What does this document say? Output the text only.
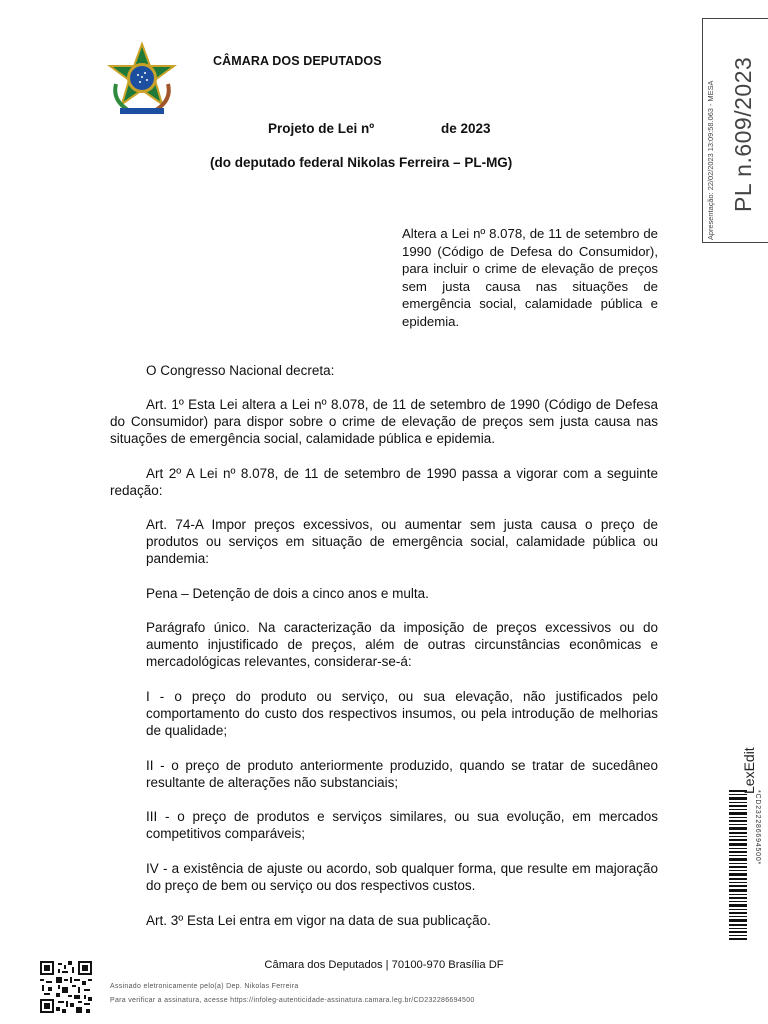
CÂMARA DOS DEPUTADOS
Projeto de Lei nº	de 2023
(do deputado federal Nikolas Ferreira – PL-MG)
Altera a Lei nº 8.078, de 11 de setembro de 1990 (Código de Defesa do Consumidor), para incluir o crime de elevação de preços sem justa causa nas situações de emergência social, calamidade pública e epidemia.
Apresentação: 22/02/2023 13:09:58.063 - MESA PL n.609/2023
O Congresso Nacional decreta:
Art. 1º Esta Lei altera a Lei nº 8.078, de 11 de setembro de 1990 (Código de Defesa do Consumidor) para dispor sobre o crime de elevação de preços sem justa causa nas situações de emergência social, calamidade pública e epidemia.
Art 2º A Lei nº 8.078, de 11 de setembro de 1990 passa a vigorar com a seguinte redação:
Art. 74-A Impor preços excessivos, ou aumentar sem justa causa o preço de produtos ou serviços em situação de emergência social, calamidade pública ou pandemia:
Pena – Detenção de dois a cinco anos e multa.
Parágrafo único. Na caracterização da imposição de preços excessivos ou do aumento injustificado de preços, além de outras circunstâncias econômicas e mercadológicas relevantes, considerar-se-á:
I - o preço do produto ou serviço, ou sua elevação, não justificados pelo comportamento do custo dos respectivos insumos, ou pela introdução de melhorias de qualidade;
II - o preço de produto anteriormente produzido, quando se tratar de sucedâneo resultante de alterações não substanciais;
III - o preço de produtos e serviços similares, ou sua evolução, em mercados competitivos comparáveis;
IV - a existência de ajuste ou acordo, sob qualquer forma, que resulte em majoração do preço de bem ou serviço ou dos respectivos custos.
Art. 3º Esta Lei entra em vigor na data de sua publicação.
Câmara dos Deputados | 70100-970 Brasília DF
Assinado eletronicamente pelo(a) Dep. Nikolas Ferreira
Para verificar a assinatura, acesse https://infoleg-autenticidade-assinatura.camara.leg.br/CD232286694500
*CD232286694500*
LexEdit
